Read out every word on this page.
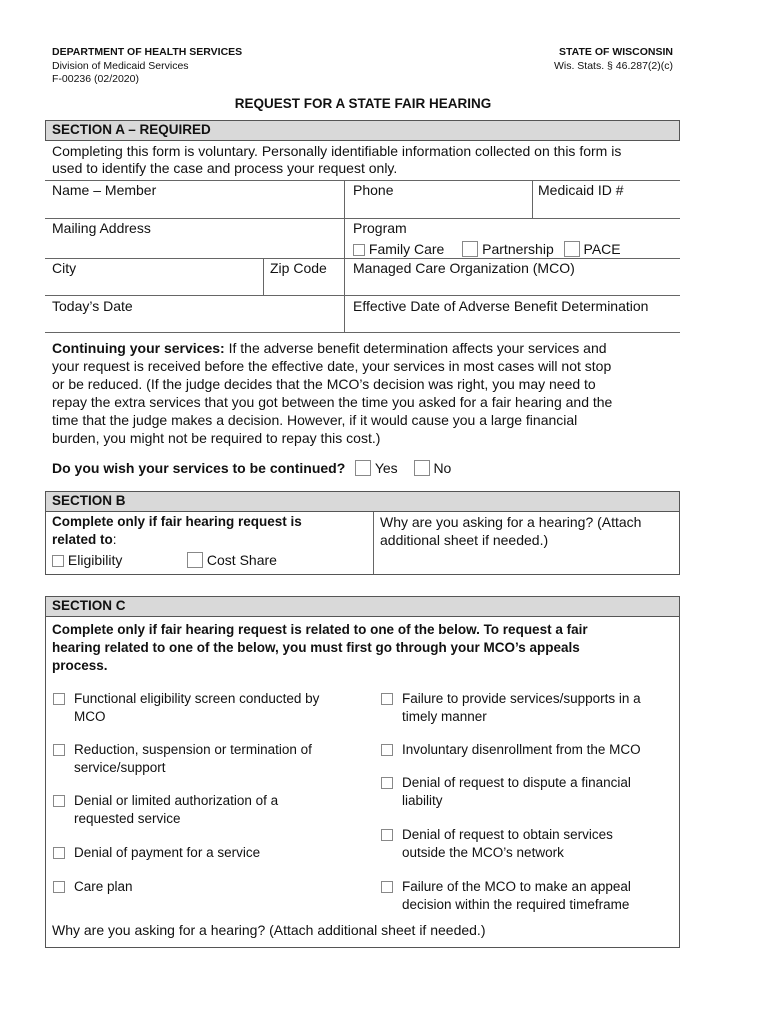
DEPARTMENT OF HEALTH SERVICES
Division of Medicaid Services
F-00236 (02/2020)
STATE OF WISCONSIN
Wis. Stats. § 46.287(2)(c)
REQUEST FOR A STATE FAIR HEARING
SECTION A – REQUIRED
Completing this form is voluntary. Personally identifiable information collected on this form is
used to identify the case and process your request only.
Name – Member	Phone	Medicaid ID #
Mailing Address	Program
Family Care	Partnership PACE
City	Zip Code	Managed Care Organization (MCO)
Today’s Date	Effective Date of Adverse Benefit Determination
Continuing your services: If the adverse benefit determination affects your services and
your request is received before the effective date, your services in most cases will not stop
or be reduced. (If the judge decides that the MCO’s decision was right, you may need to
repay the extra services that you got between the time you asked for a fair hearing and the
time that the judge makes a decision. However, if it would cause you a large financial
burden, you might not be required to repay this cost.)
Do you wish your services to be continued? Yes	No
SECTION B
Complete only if fair hearing request is
related to:
Eligibility	Cost Share
Why are you asking for a hearing? (Attach
additional sheet if needed.)
SECTION C
Complete only if fair hearing request is related to one of the below. To request a fair
hearing related to one of the below, you must first go through your MCO’s appeals
process.
Functional eligibility screen conducted by
MCO
Reduction, suspension or termination of
service/support
Denial or limited authorization of a
requested service
Denial of payment for a service
Care plan
Failure to provide services/supports in a
timely manner
Involuntary disenrollment from the MCO
Denial of request to dispute a financial
liability
Denial of request to obtain services
outside the MCO’s network
Failure of the MCO to make an appeal
decision within the required timeframe
Why are you asking for a hearing? (Attach additional sheet if needed.)
